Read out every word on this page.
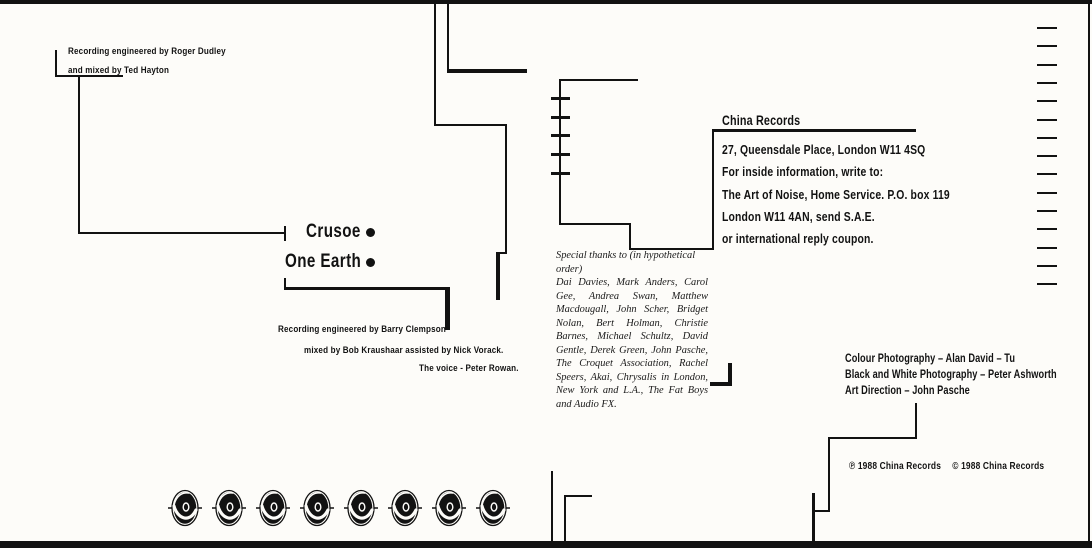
Recording engineered by Roger Dudley
and mixed by Ted Hayton
Crusoe
One Earth
Recording engineered by Barry Clempson
mixed by Bob Kraushaar assisted by Nick Vorack.
The voice - Peter Rowan.
Special thanks to (in hypothetical order)
Dai Davies, Mark Anders, Carol Gee, Andrea Swan, Matthew Macdougall, John Scher, Bridget Nolan, Bert Holman, Christie Barnes, Michael Schultz, David Gentle, Derek Green, John Pasche, The Croquet Association, Rachel Speers, Akai, Chrysalis in London, New York and L.A., The Fat Boys and Audio FX.
China Records
27, Queensdale Place, London W11 4SQ
For inside information, write to:
The Art of Noise, Home Service. P.O. box 119
London W11 4AN, send S.A.E.
or international reply coupon.
Colour Photography – Alan David – Tu
Black and White Photography – Peter Ashworth
Art Direction – John Pasche
℗ 1988 China Records © 1988 China Records
